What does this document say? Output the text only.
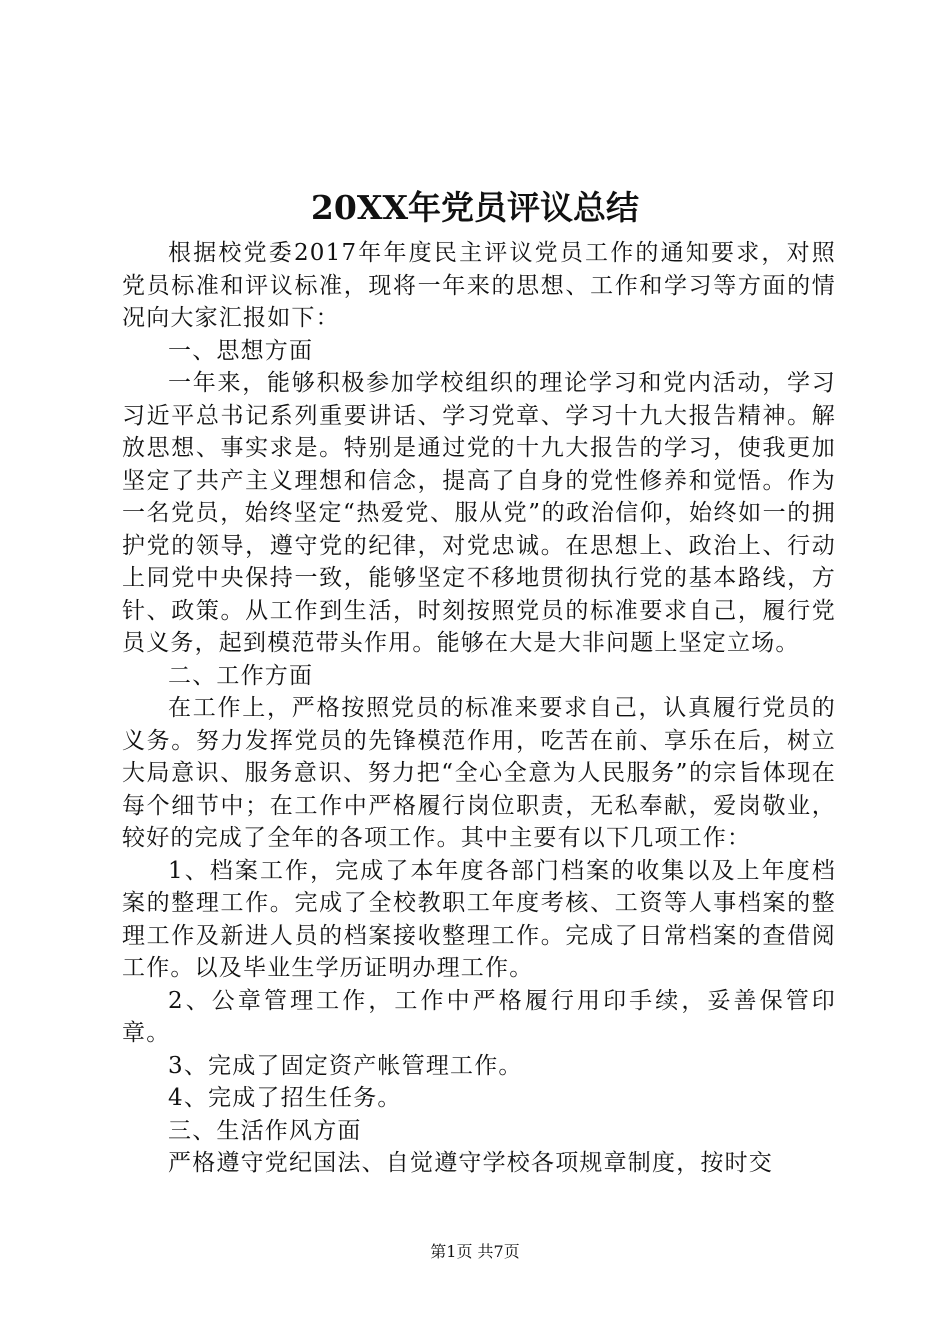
20XX年党员评议总结

根据校党委2017年年度民主评议党员工作的通知要求，对照党员标准和评议标准，现将一年来的思想、工作和学习等方面的情况向大家汇报如下：

一、思想方面

一年来，能够积极参加学校组织的理论学习和党内活动，学习习近平总书记系列重要讲话、学习党章、学习十九大报告精神。解放思想、事实求是。特别是通过党的十九大报告的学习，使我更加坚定了共产主义理想和信念，提高了自身的党性修养和觉悟。作为一名党员，始终坚定“热爱党、服从党”的政治信仰，始终如一的拥护党的领导，遵守党的纪律，对党忠诚。在思想上、政治上、行动上同党中央保持一致，能够坚定不移地贯彻执行党的基本路线，方针、政策。从工作到生活，时刻按照党员的标准要求自己，履行党员义务，起到模范带头作用。能够在大是大非问题上坚定立场。

二、工作方面

在工作上，严格按照党员的标准来要求自己，认真履行党员的义务。努力发挥党员的先锋模范作用，吃苦在前、享乐在后，树立大局意识、服务意识、努力把“全心全意为人民服务”的宗旨体现在每个细节中；在工作中严格履行岗位职责，无私奉献，爱岗敬业，较好的完成了全年的各项工作。其中主要有以下几项工作：

1、档案工作，完成了本年度各部门档案的收集以及上年度档案的整理工作。完成了全校教职工年度考核、工资等人事档案的整理工作及新进人员的档案接收整理工作。完成了日常档案的查借阅工作。以及毕业生学历证明办理工作。

2、公章管理工作，工作中严格履行用印手续，妥善保管印章。

3、完成了固定资产帐管理工作。

4、完成了招生任务。

三、生活作风方面

严格遵守党纪国法、自觉遵守学校各项规章制度，按时交

第1页 共7页
